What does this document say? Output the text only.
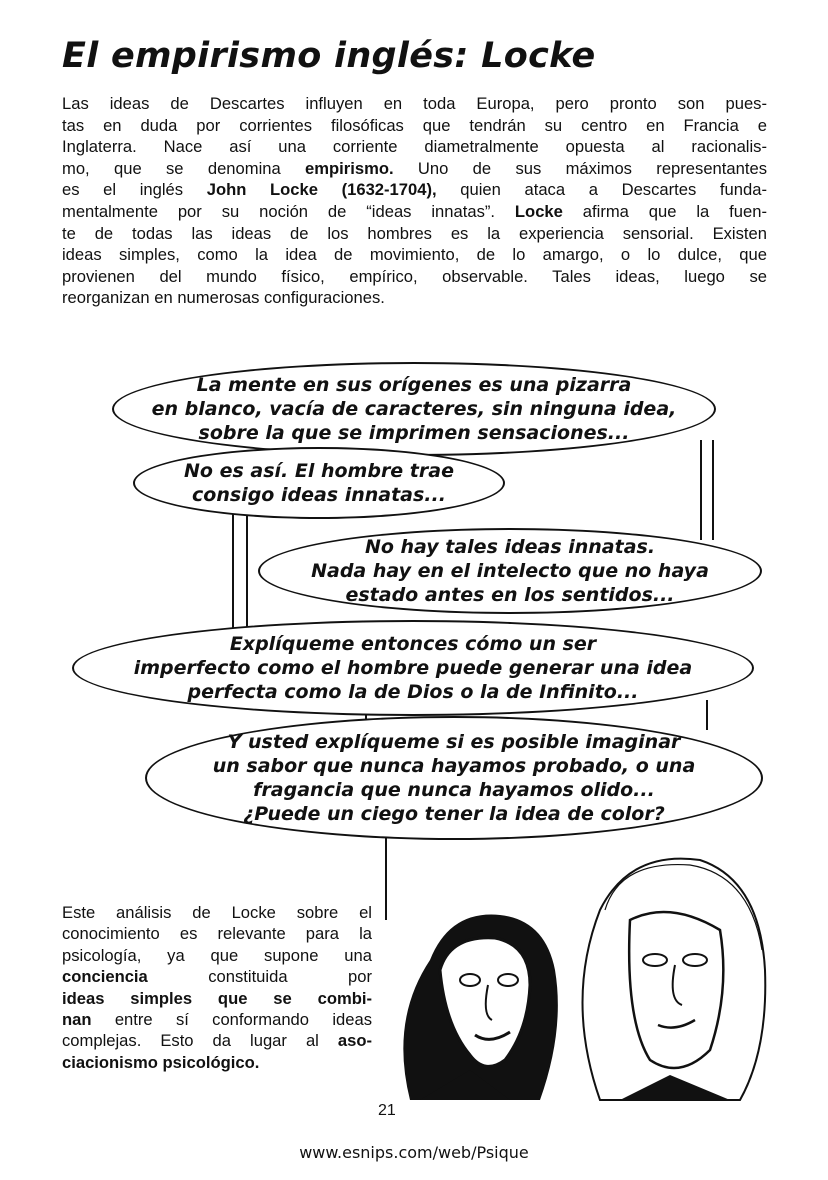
El empirismo inglés: Locke
Las ideas de Descartes influyen en toda Europa, pero pronto son pues-
tas en duda por corrientes filosóficas que tendrán su centro en Francia e
Inglaterra. Nace así una corriente diametralmente opuesta al racionalis-
mo, que se denomina empirismo. Uno de sus máximos representantes
es el inglés John Locke (1632-1704), quien ataca a Descartes funda-
mentalmente por su noción de “ideas innatas”. Locke afirma que la fuen-
te de todas las ideas de los hombres es la experiencia sensorial. Existen
ideas simples, como la idea de movimiento, de lo amargo, o lo dulce, que
provienen del mundo físico, empírico, observable. Tales ideas, luego se
reorganizan en numerosas configuraciones.
La mente en sus orígenes es una pizarra
en blanco, vacía de caracteres, sin ninguna idea,
sobre la que se imprimen sensaciones...
No es así. El hombre trae
consigo ideas innatas...
No hay tales ideas innatas.
Nada hay en el intelecto que no haya
estado antes en los sentidos...
Explíqueme entonces cómo un ser
imperfecto como el hombre puede generar una idea
perfecta como la de Dios o la de Infinito...
Y usted explíqueme si es posible imaginar
un sabor que nunca hayamos probado, o una
fragancia que nunca hayamos olido...
¿Puede un ciego tener la idea de color?
Este análisis de Locke sobre el
conocimiento es relevante para la
psicología, ya que supone una
conciencia constituida por
ideas simples que se combi-
nan entre sí conformando ideas
complejas. Esto da lugar al aso-
ciacionismo psicológico.
21
www.esnips.com/web/Psique
